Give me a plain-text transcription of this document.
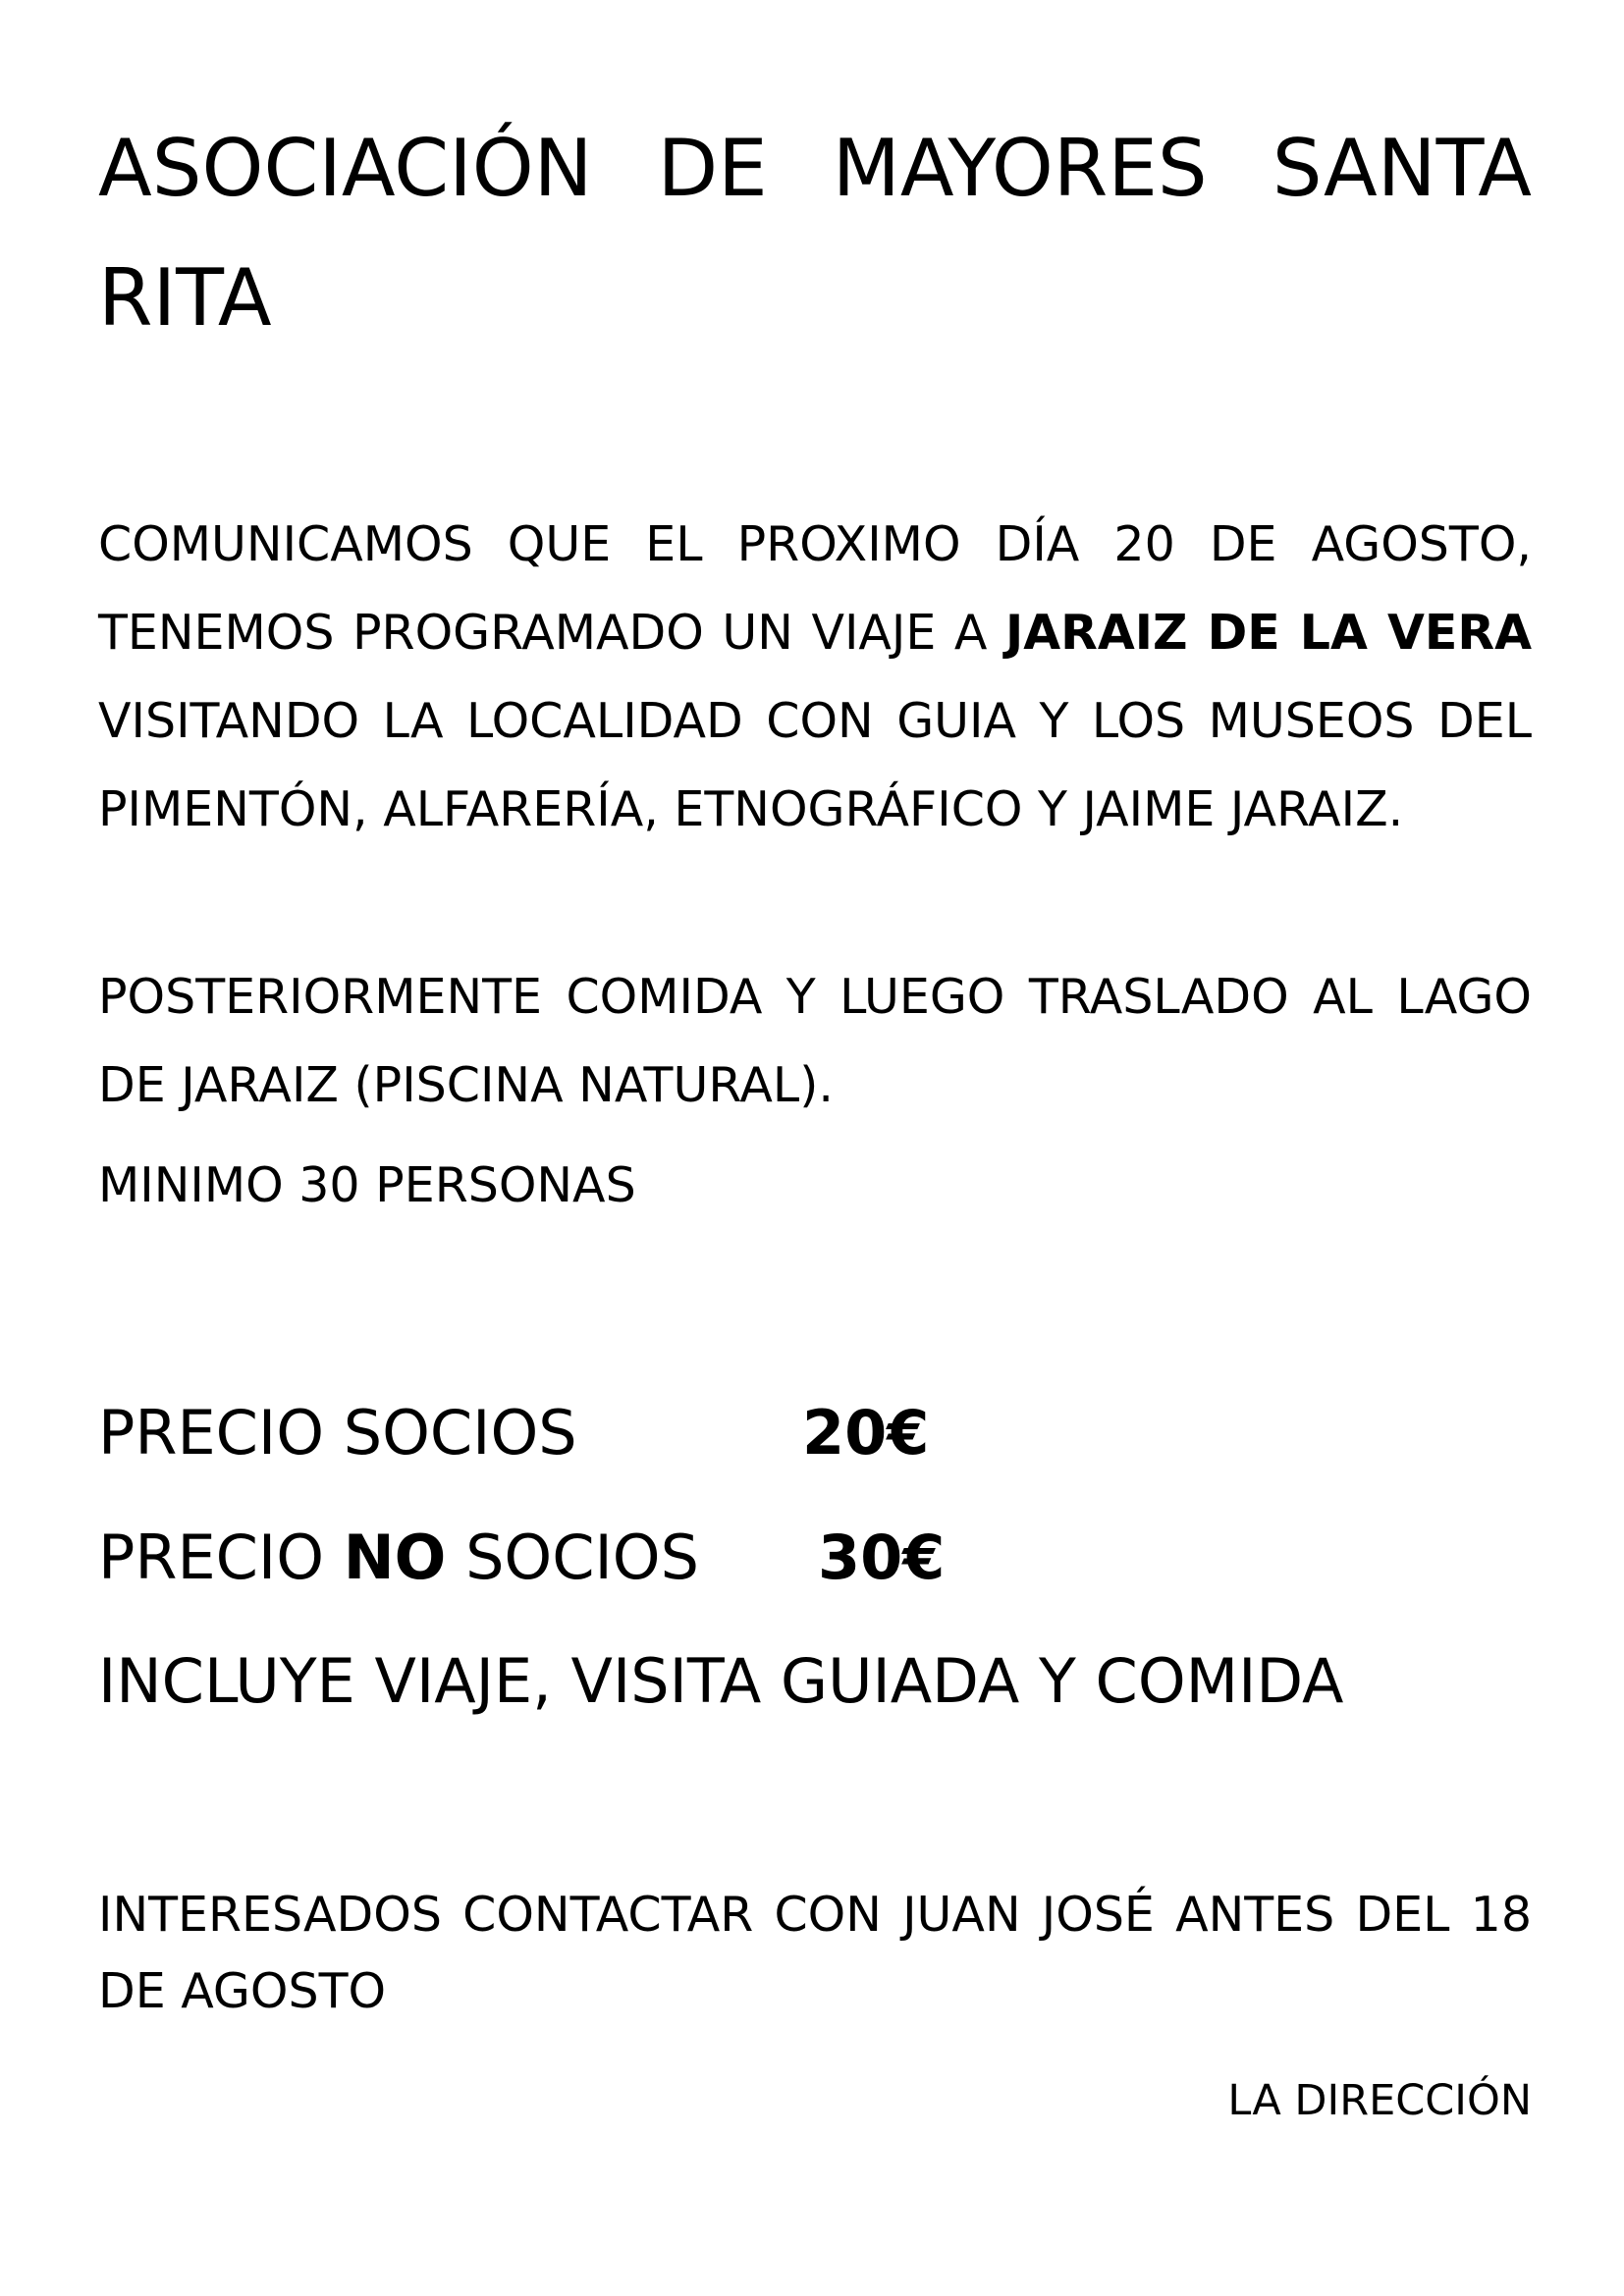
ASOCIACIÓN DE MAYORES SANTA RITA

COMUNICAMOS QUE EL PROXIMO DÍA 20 DE AGOSTO, TENEMOS PROGRAMADO UN VIAJE A JARAIZ DE LA VERA VISITANDO LA LOCALIDAD CON GUIA Y LOS MUSEOS DEL PIMENTÓN, ALFARERÍA, ETNOGRÁFICO Y JAIME JARAIZ.

POSTERIORMENTE COMIDA Y LUEGO TRASLADO AL LAGO DE JARAIZ (PISCINA NATURAL).

MINIMO 30 PERSONAS

PRECIO SOCIOS	20€
PRECIO NO SOCIOS 30€
INCLUYE VIAJE, VISITA GUIADA Y COMIDA

INTERESADOS CONTACTAR CON JUAN JOSÉ ANTES DEL 18 DE AGOSTO

LA DIRECCIÓN
